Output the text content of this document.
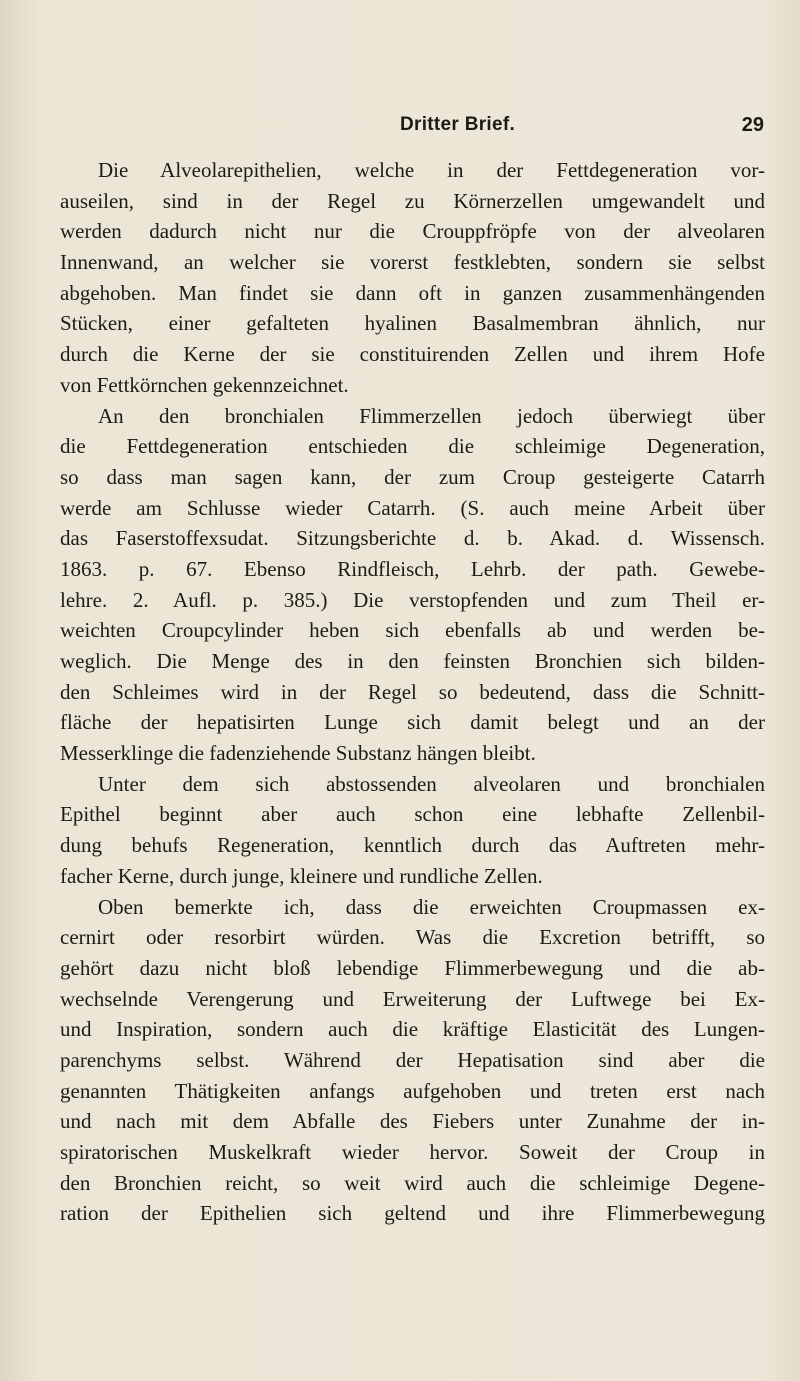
Dritter Brief.	29
Die Alveolarepithelien, welche in der Fettdegeneration vor-
auseilen, sind in der Regel zu Körnerzellen umgewandelt und
werden dadurch nicht nur die Crouppfröpfe von der alveolaren
Innenwand, an welcher sie vorerst festklebten, sondern sie selbst
abgehoben. Man findet sie dann oft in ganzen zusammenhängenden
Stücken, einer gefalteten hyalinen Basalmembran ähnlich, nur
durch die Kerne der sie constituirenden Zellen und ihrem Hofe
von Fettkörnchen gekennzeichnet.
An den bronchialen Flimmerzellen jedoch überwiegt über
die Fettdegeneration entschieden die schleimige Degeneration,
so dass man sagen kann, der zum Croup gesteigerte Catarrh
werde am Schlusse wieder Catarrh. (S. auch meine Arbeit über
das Faserstoffexsudat. Sitzungsberichte d. b. Akad. d. Wissensch.
1863. p. 67. Ebenso Rindfleisch, Lehrb. der path. Gewebe-
lehre. 2. Aufl. p. 385.) Die verstopfenden und zum Theil er-
weichten Croupcylinder heben sich ebenfalls ab und werden be-
weglich. Die Menge des in den feinsten Bronchien sich bilden-
den Schleimes wird in der Regel so bedeutend, dass die Schnitt-
fläche der hepatisirten Lunge sich damit belegt und an der
Messerklinge die fadenziehende Substanz hängen bleibt.
Unter dem sich abstossenden alveolaren und bronchialen
Epithel beginnt aber auch schon eine lebhafte Zellenbil-
dung behufs Regeneration, kenntlich durch das Auftreten mehr-
facher Kerne, durch junge, kleinere und rundliche Zellen.
Oben bemerkte ich, dass die erweichten Croupmassen ex-
cernirt oder resorbirt würden. Was die Excretion betrifft, so
gehört dazu nicht bloß lebendige Flimmerbewegung und die ab-
wechselnde Verengerung und Erweiterung der Luftwege bei Ex-
und Inspiration, sondern auch die kräftige Elasticität des Lungen-
parenchyms selbst. Während der Hepatisation sind aber die
genannten Thätigkeiten anfangs aufgehoben und treten erst nach
und nach mit dem Abfalle des Fiebers unter Zunahme der in-
spiratorischen Muskelkraft wieder hervor. Soweit der Croup in
den Bronchien reicht, so weit wird auch die schleimige Degene-
ration der Epithelien sich geltend und ihre Flimmerbewegung
